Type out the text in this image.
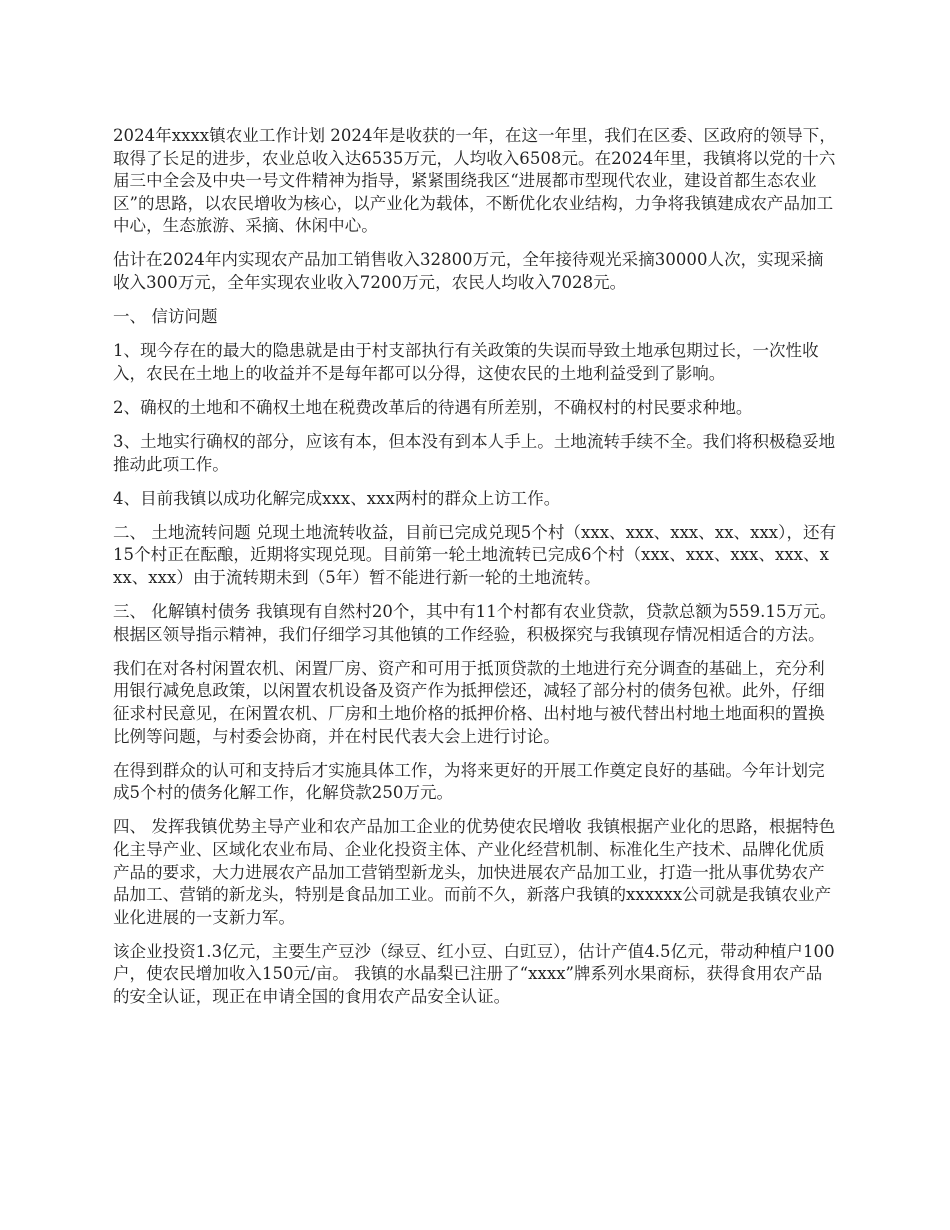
2024年xxxx镇农业工作计划 2024年是收获的一年，在这一年里，我们在区委、区政府的领导下，取得了长足的进步，农业总收入达6535万元，人均收入6508元。在2024年里，我镇将以党的十六届三中全会及中央一号文件精神为指导，紧紧围绕我区“进展都市型现代农业，建设首都生态农业区”的思路，以农民增收为核心，以产业化为载体，不断优化农业结构，力争将我镇建成农产品加工中心，生态旅游、采摘、休闲中心。

估计在2024年内实现农产品加工销售收入32800万元，全年接待观光采摘30000人次，实现采摘收入300万元，全年实现农业收入7200万元，农民人均收入7028元。

一、 信访问题

1、现今存在的最大的隐患就是由于村支部执行有关政策的失误而导致土地承包期过长，一次性收入，农民在土地上的收益并不是每年都可以分得，这使农民的土地利益受到了影响。

2、确权的土地和不确权土地在税费改革后的待遇有所差别，不确权村的村民要求种地。

3、土地实行确权的部分，应该有本，但本没有到本人手上。土地流转手续不全。我们将积极稳妥地推动此项工作。

4、目前我镇以成功化解完成xxx、xxx两村的群众上访工作。

二、 土地流转问题 兑现土地流转收益，目前已完成兑现5个村（xxx、xxx、xxx、xx、xxx），还有15个村正在酝酿，近期将实现兑现。目前第一轮土地流转已完成6个村（xxx、xxx、xxx、xxx、xxx、xxx）由于流转期未到（5年）暂不能进行新一轮的土地流转。

三、 化解镇村债务 我镇现有自然村20个，其中有11个村都有农业贷款，贷款总额为559.15万元。根据区领导指示精神，我们仔细学习其他镇的工作经验，积极探究与我镇现存情况相适合的方法。

我们在对各村闲置农机、闲置厂房、资产和可用于抵顶贷款的土地进行充分调查的基础上，充分利用银行减免息政策，以闲置农机设备及资产作为抵押偿还，减轻了部分村的债务包袱。此外，仔细征求村民意见，在闲置农机、厂房和土地价格的抵押价格、出村地与被代替出村地土地面积的置换比例等问题，与村委会协商，并在村民代表大会上进行讨论。

在得到群众的认可和支持后才实施具体工作，为将来更好的开展工作奠定良好的基础。今年计划完成5个村的债务化解工作，化解贷款250万元。

四、 发挥我镇优势主导产业和农产品加工企业的优势使农民增收 我镇根据产业化的思路，根据特色化主导产业、区域化农业布局、企业化投资主体、产业化经营机制、标准化生产技术、品牌化优质产品的要求，大力进展农产品加工营销型新龙头，加快进展农产品加工业，打造一批从事优势农产品加工、营销的新龙头，特别是食品加工业。而前不久，新落户我镇的xxxxxx公司就是我镇农业产业化进展的一支新力军。

该企业投资1.3亿元，主要生产豆沙（绿豆、红小豆、白豇豆），估计产值4.5亿元，带动种植户100户，使农民增加收入150元/亩。 我镇的水晶梨已注册了“xxxx”牌系列水果商标，获得食用农产品的安全认证，现正在申请全国的食用农产品安全认证。
